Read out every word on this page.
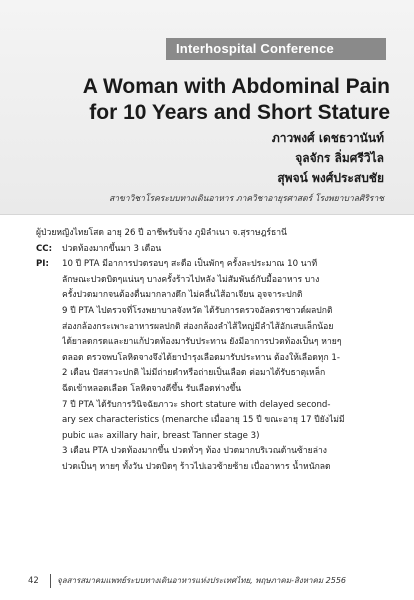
Interhospital Conference
A Woman with Abdominal Pain
for 10 Years and Short Stature
ภาวพงศ์ เดชธวานันท์
จุลจักร ลิ่มศรีวิไล
สุพจน์ พงศ์ประสบชัย
สาขาวิชาโรคระบบทางเดินอาหาร ภาควิชาอายุรศาสตร์ โรงพยาบาลศิริราช

ผู้ป่วยหญิงไทยโสด อายุ 26 ปี อาชีพรับจ้าง ภูมิลำเนา จ.สุราษฎร์ธานี

CC:	ปวดท้องมากขึ้นมา 3 เดือน
PI:	10 ปี PTA มีอาการปวดรอบๆ สะดือ เป็นพักๆ ครั้งละประมาณ 10 นาที
ลักษณะปวดบิดๆแน่นๆ บางครั้งร้าวไปหลัง ไม่สัมพันธ์กับมื้ออาหาร บาง
ครั้งปวดมากจนต้องตื่นมากลางดึก ไม่คลื่นไส้อาเจียน อุจจาระปกติ
9 ปี PTA ไปตรวจที่โรงพยาบาลจังหวัด ได้รับการตรวจอัลตราซาวด์ผลปกติ
ส่องกล้องกระเพาะอาหารผลปกติ ส่องกล้องลำไส้ใหญ่มีลำไส้อักเสบเล็กน้อย
ได้ยาลดกรดและยาแก้ปวดท้องมารับประทาน ยังมีอาการปวดท้องเป็นๆ หายๆ
ตลอด ตรวจพบโลหิตจางจึงได้ยาบำรุงเลือดมารับประทาน ต้องให้เลือดทุก 1-
2 เดือน ปัสสาวะปกติ ไม่มีถ่ายดำหรือถ่ายเป็นเลือด ต่อมาได้รับธาตุเหล็ก
ฉีดเข้าหลอดเลือด โลหิตจางดีขึ้น รับเลือดห่างขึ้น
7 ปี PTA ได้รับการวินิจฉัยภาวะ short stature with delayed second-
ary sex characteristics (menarche เมื่ออายุ 15 ปี ขณะอายุ 17 ปียังไม่มี
pubic และ axillary hair, breast Tanner stage 3)
3 เดือน PTA ปวดท้องมากขึ้น ปวดทั่วๆ ท้อง ปวดมากบริเวณด้านซ้ายล่าง
ปวดเป็นๆ หายๆ ทั้งวัน ปวดบิดๆ ร้าวไปเอวซ้ายซ้าย เบื่ออาหาร น้ำหนักลด
42	จุลสารสมาคมแพทย์ระบบทางเดินอาหารแห่งประเทศไทย, พฤษภาคม-สิงหาคม 2556
